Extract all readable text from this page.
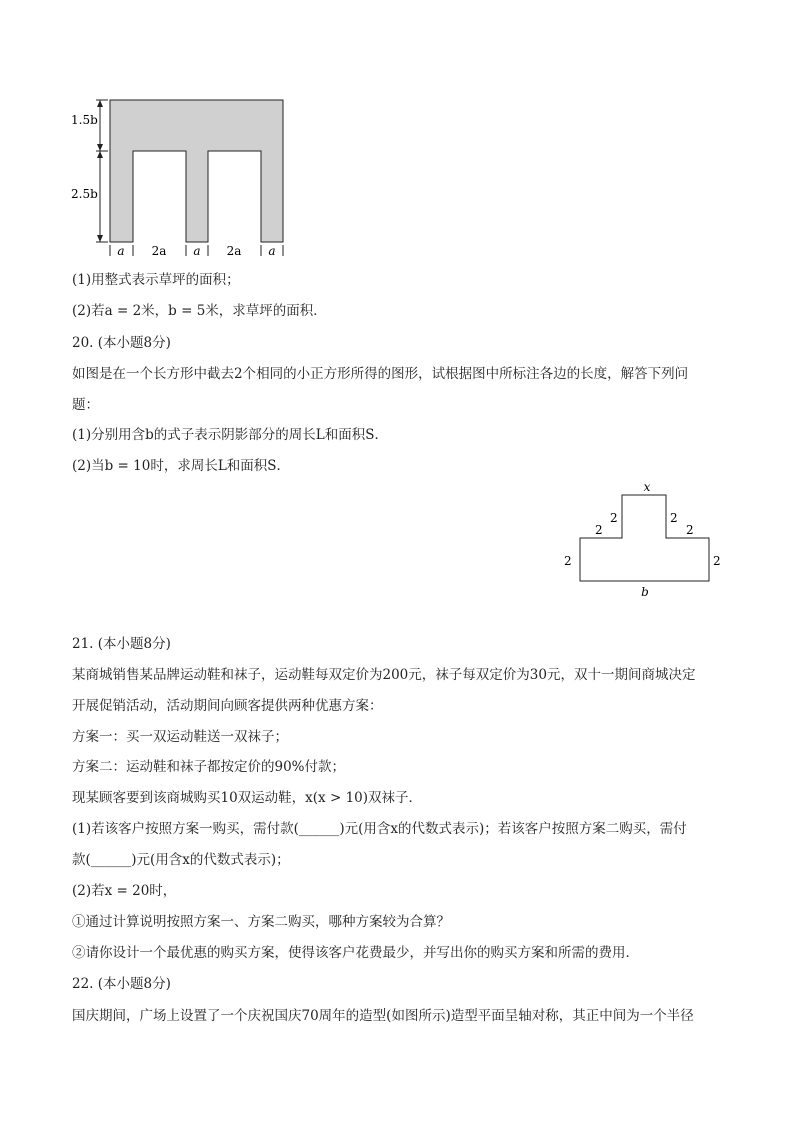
1.5b
2.5b
a 2a a 2a a
(1)用整式表示草坪的面积；
(2)若a = 2米，b = 5米，求草坪的面积．
20. (本小题8分)
如图是在一个长方形中截去2个相同的小正方形所得的图形，试根据图中所标注各边的长度，解答下列问
题：
(1)分别用含b的式子表示阴影部分的周长L和面积S．
(2)当b = 10时，求周长L和面积S．
x
b
2	2
2
2
2
2
21. (本小题8分)
某商城销售某品牌运动鞋和袜子，运动鞋每双定价为200元，袜子每双定价为30元，双十一期间商城决定
开展促销活动，活动期间向顾客提供两种优惠方案：
方案一：买一双运动鞋送一双袜子；
方案二：运动鞋和袜子都按定价的90%付款；
现某顾客要到该商城购买10双运动鞋，x(x > 10)双袜子．
(1)若该客户按照方案一购买，需付款(______)元(用含x的代数式表示)；若该客户按照方案二购买，需付
款(______)元(用含x的代数式表示)；
(2)若x = 20时，
①通过计算说明按照方案一、方案二购买，哪种方案较为合算？
②请你设计一个最优惠的购买方案，使得该客户花费最少，并写出你的购买方案和所需的费用．
22. (本小题8分)
国庆期间，广场上设置了一个庆祝国庆70周年的造型(如图所示)造型平面呈轴对称，其正中间为一个半径
